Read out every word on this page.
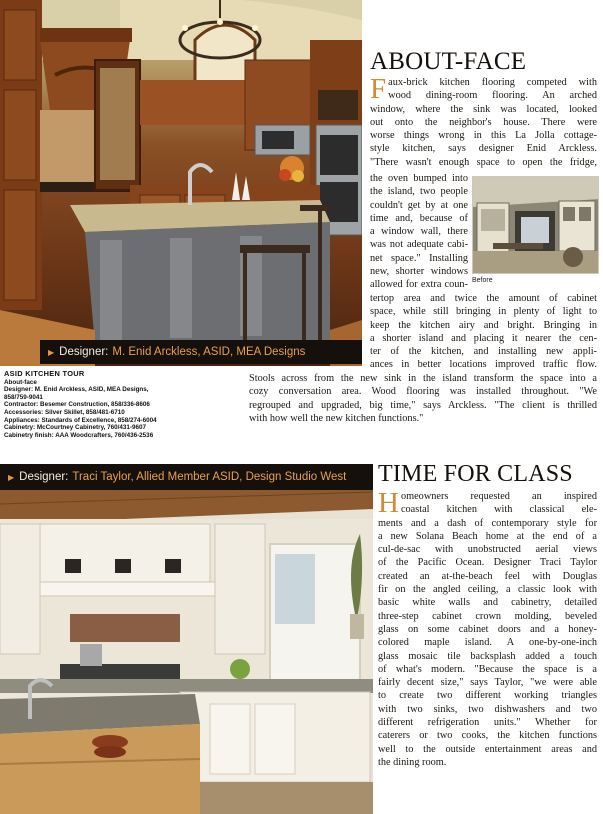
▶ Designer: M. Enid Arckless, ASID, MEA Designs
ASID KITCHEN TOUR
About-face
Designer: M. Enid Arckless, ASID, MEA Designs,
858/759-9041
Contractor: Besemer Construction, 858/336-8606
Accessories: Silver Skillet, 858/481-6710
Appliances: Standards of Excellence, 858/274-6004
Cabinetry: McCourtney Cabinetry, 760/431-9607
Cabinetry finish: AAA Woodcrafters, 760/436-2536
ABOUT-FACE
F aux-brick kitchen flooring competed with
wood dining-room flooring. An arched
window, where the sink was located, looked
out onto the neighbor's house. There were
worse things wrong in this La Jolla cottage-
style kitchen, says designer Enid Arckless.
"There wasn't enough space to open the fridge,
the oven bumped into
the island, two people
couldn't get by at one
time and, because of
a window wall, there
was not adequate cabi-
net space." Installing
new, shorter windows
allowed for extra coun- Before
tertop area and twice the amount of cabinet
space, while still bringing in plenty of light to
keep the kitchen airy and bright. Bringing in
a shorter island and placing it nearer the cen-
ter of the kitchen, and installing new appli-
ances in better locations improved traffic flow.
Stools across from the new sink in the island transform the space into a
cozy conversation area. Wood flooring was installed throughout. "We
regrouped and upgraded, big time," says Arckless. "The client is thrilled
with how well the new kitchen functions."
▶ Designer: Traci Taylor, Allied Member ASID, Design Studio West TIME FOR CLASS
H omeowners requested an inspired
coastal kitchen with classical ele-
ments and a dash of contemporary style for
a new Solana Beach home at the end of a
cul-de-sac with unobstructed aerial views
of the Pacific Ocean. Designer Traci Taylor
created an at-the-beach feel with Douglas
fir on the angled ceiling, a classic look with
basic white walls and cabinetry, detailed
three-step cabinet crown molding, beveled
glass on some cabinet doors and a honey-
colored maple island. A one-by-one-inch
glass mosaic tile backsplash added a touch
of what's modern. "Because the space is a
fairly decent size," says Taylor, "we were able
to create two different working triangles
with two sinks, two dishwashers and two
different refrigeration units." Whether for
caterers or two cooks, the kitchen functions
well to the outside entertainment areas and
the dining room.
